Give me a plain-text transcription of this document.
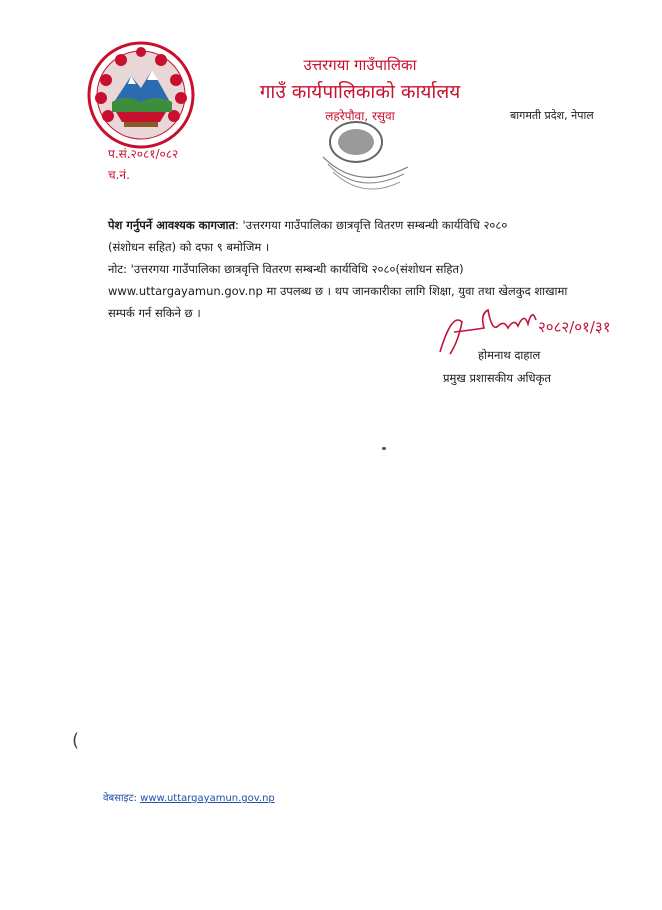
उत्तरगया गाउँपालिका
गाउँ कार्यपालिकाको कार्यालय
लहरेपौवा, रसुवा	बागमती प्रदेश, नेपाल
प.सं.२०८१/०८२
च.नं.
पेश गर्नुपर्ने आवश्यक कागजात: 'उत्तरगया गाउँपालिका छात्रवृत्ति वितरण सम्बन्धी कार्यविधि २०८०
(संशोधन सहित) को दफा ९ बमोजिम ।
नोट: 'उत्तरगया गाउँपालिका छात्रवृत्ति वितरण सम्बन्धी कार्यविधि २०८०(संशोधन सहित)
www.uttargayamun.gov.np मा उपलब्ध छ । थप जानकारीका लागि शिक्षा, युवा तथा खेलकुद शाखामा
सम्पर्क गर्न सकिने छ ।
२०८२/०१/३१
होमनाथ दाहाल
प्रमुख प्रशासकीय अधिकृत
(
वेबसाइट: www.uttargayamun.gov.np
